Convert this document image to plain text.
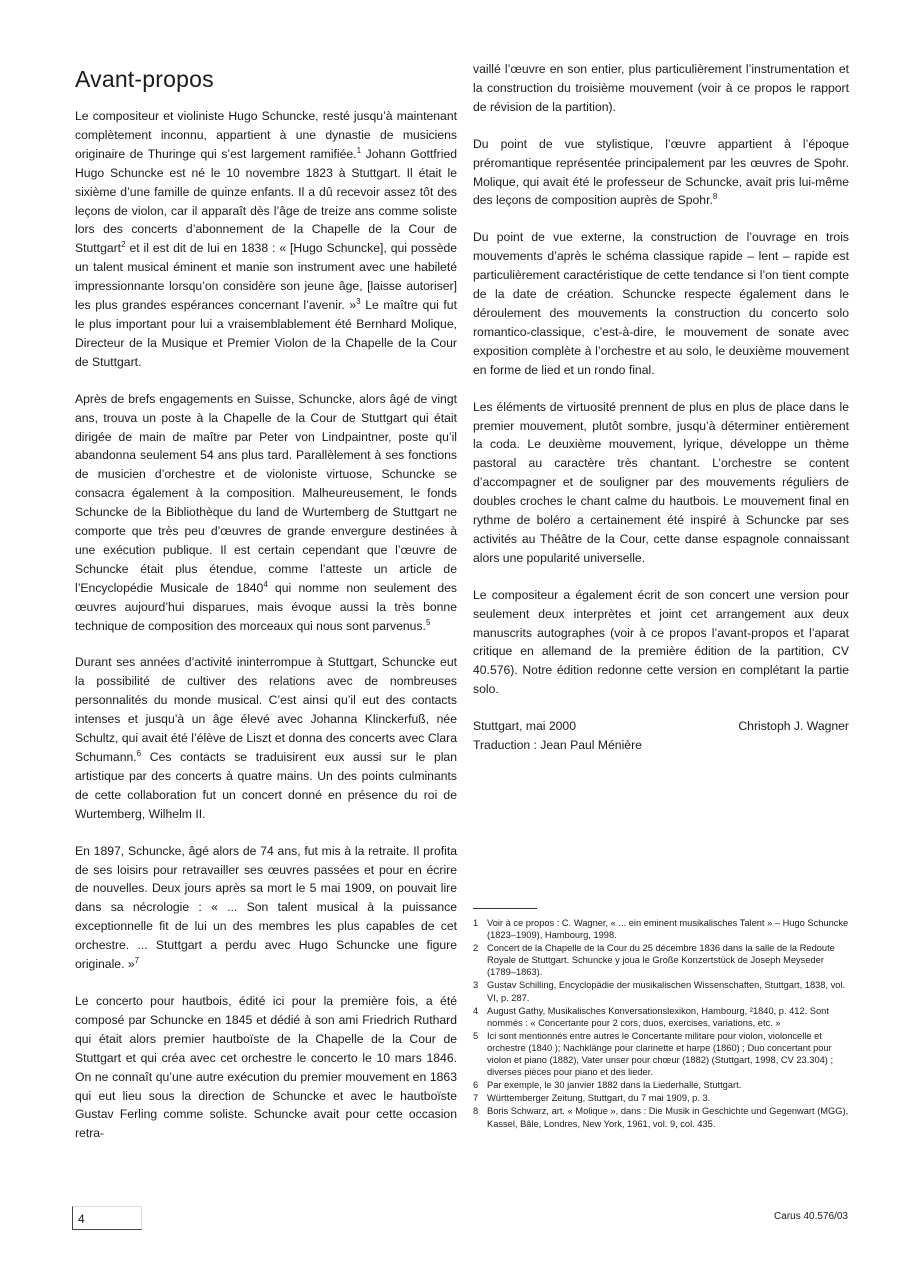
Avant-propos

Le compositeur et violiniste Hugo Schuncke, resté jusqu’à maintenant complètement inconnu, appartient à une dynastie de musiciens originaire de Thuringe qui s’est largement ramifiée.$^1$ Johann Gottfried Hugo Schuncke est né le 10 novembre 1823 à Stuttgart. Il était le sixième d’une famille de quinze enfants. Il a dû recevoir assez tôt des leçons de violon, car il apparaît dès l’âge de treize ans comme soliste lors des concerts d’abonnement de la Chapelle de la Cour de Stuttgart$^2$ et il est dit de lui en 1838 : « [Hugo Schuncke], qui possède un talent musical éminent et manie son instrument avec une habileté impressionnante lorsqu’on considère son jeune âge, [laisse autoriser] les plus grandes espérances concernant l’avenir. »$^3$ Le maître qui fut le plus important pour lui a vraisemblablement été Bernhard Molique, Directeur de la Musique et Premier Violon de la Chapelle de la Cour de Stuttgart.

Après de brefs engagements en Suisse, Schuncke, alors âgé de vingt ans, trouva un poste à la Chapelle de la Cour de Stuttgart qui était dirigée de main de maître par Peter von Lindpaintner, poste qu’il abandonna seulement 54 ans plus tard. Parallèlement à ses fonctions de musicien d’orchestre et de violoniste virtuose, Schuncke se consacra également à la composition. Malheureusement, le fonds Schuncke de la Bibliothèque du land de Wurtemberg de Stuttgart ne comporte que très peu d’œuvres de grande envergure destinées à une exécution publique. Il est certain cependant que l’œuvre de Schuncke était plus étendue, comme l’atteste un article de l’Encyclopédie Musicale de 1840$^4$ qui nomme non seulement des œuvres aujourd’hui disparues, mais évoque aussi la très bonne technique de composition des morceaux qui nous sont parvenus.$^5$

Durant ses années d’activité ininterrompue à Stuttgart, Schuncke eut la possibilité de cultiver des relations avec de nombreuses personnalités du monde musical. C’est ainsi qu’il eut des contacts intenses et jusqu’à un âge élevé avec Johanna Klinckerfuß, née Schultz, qui avait été l’élève de Liszt et donna des concerts avec Clara Schumann.$^6$ Ces contacts se traduisirent eux aussi sur le plan artistique par des concerts à quatre mains. Un des points culminants de cette collaboration fut un concert donné en présence du roi de Wurtemberg, Wilhelm II.

En 1897, Schuncke, âgé alors de 74 ans, fut mis à la retraite. Il profita de ses loisirs pour retravailler ses œuvres passées et pour en écrire de nouvelles. Deux jours après sa mort le 5 mai 1909, on pouvait lire dans sa nécrologie : « ... Son talent musical à la puissance exceptionnelle fit de lui un des membres les plus capables de cet orchestre. ... Stuttgart a perdu avec Hugo Schuncke une figure originale. »$^7$

Le concerto pour hautbois, édité ici pour la première fois, a été composé par Schuncke en 1845 et dédié à son ami Friedrich Ruthard qui était alors premier hautboïste de la Chapelle de la Cour de Stuttgart et qui créa avec cet orchestre le concerto le 10 mars 1846. On ne connaît qu’une autre exécution du premier mouvement en 1863 qui eut lieu sous la direction de Schuncke et avec le hautboïste Gustav Ferling comme soliste. Schuncke avait pour cette occasion retra-

vaillé l’œuvre en son entier, plus particulièrement l’instrumentation et la construction du troisième mouvement (voir à ce propos le rapport de révision de la partition).

Du point de vue stylistique, l’œuvre appartient à l’époque préromantique représentée principalement par les œuvres de Spohr. Molique, qui avait été le professeur de Schuncke, avait pris lui-même des leçons de composition auprès de Spohr.$^8$

Du point de vue externe, la construction de l’ouvrage en trois mouvements d’après le schéma classique rapide – lent – rapide est particulièrement caractéristique de cette tendance si l’on tient compte de la date de création. Schuncke respecte également dans le déroulement des mouvements la construction du concerto solo romantico-classique, c’est-à-dire, le mouvement de sonate avec exposition complète à l’orchestre et au solo, le deuxième mouvement en forme de lied et un rondo final.

Les éléments de virtuosité prennent de plus en plus de place dans le premier mouvement, plutôt sombre, jusqu’à déterminer entièrement la coda. Le deuxième mouvement, lyrique, développe un thème pastoral au caractère très chantant. L’orchestre se content d’accompagner et de souligner par des mouvements réguliers de doubles croches le chant calme du hautbois. Le mouvement final en rythme de boléro a certainement été inspiré à Schuncke par ses activités au Théâtre de la Cour, cette danse espagnole connaissant alors une popularité universelle.

Le compositeur a également écrit de son concert une version pour seulement deux interprètes et joint cet arrangement aux deux manuscrits autographes (voir à ce propos l’avant-propos et l’aparat critique en allemand de la première édition de la partition, CV 40.576). Notre édition redonne cette version en complétant la partie solo.

Stuttgart, mai 2000	Christoph J. Wagner
Traduction : Jean Paul Ménière
1 Voir à ce propos : C. Wagner, « ... ein eminent musikalisches Talent » – Hugo Schuncke (1823–1909), Hambourg, 1998.
2 Concert de la Chapelle de la Cour du 25 décembre 1836 dans la salle de la Redoute Royale de Stuttgart. Schuncke y joua le Große Konzertstück de Joseph Meyseder (1789–1863).
3 Gustav Schilling, Encyclopädie der musikalischen Wissenschaften, Stuttgart, 1838, vol. VI, p. 287.
4 August Gathy, Musikalisches Konversationslexikon, Hambourg, ²1840, p. 412. Sont nommés : « Concertante pour 2 cors, duos, exercises, variations, etc. »
5 Ici sont mentionnés entre autres le Concertante militare pour violon, violoncelle et orchestre (1840 ); Nachklänge pour clarinette et harpe (1860) ; Duo concertant pour violon et piano (1882), Vater unser pour chœur (1882) (Stuttgart, 1998, CV 23.304) ; diverses pièces pour piano et des lieder.
6 Par exemple, le 30 janvier 1882 dans la Liederhalle, Stuttgart.
7 Württemberger Zeitung, Stuttgart, du 7 mai 1909, p. 3.
8 Boris Schwarz, art. « Molique », dans : Die Musik in Geschichte und Gegenwart (MGG), Kassel, Bâle, Londres, New York, 1961, vol. 9, col. 435.
4	Carus 40.576/03
